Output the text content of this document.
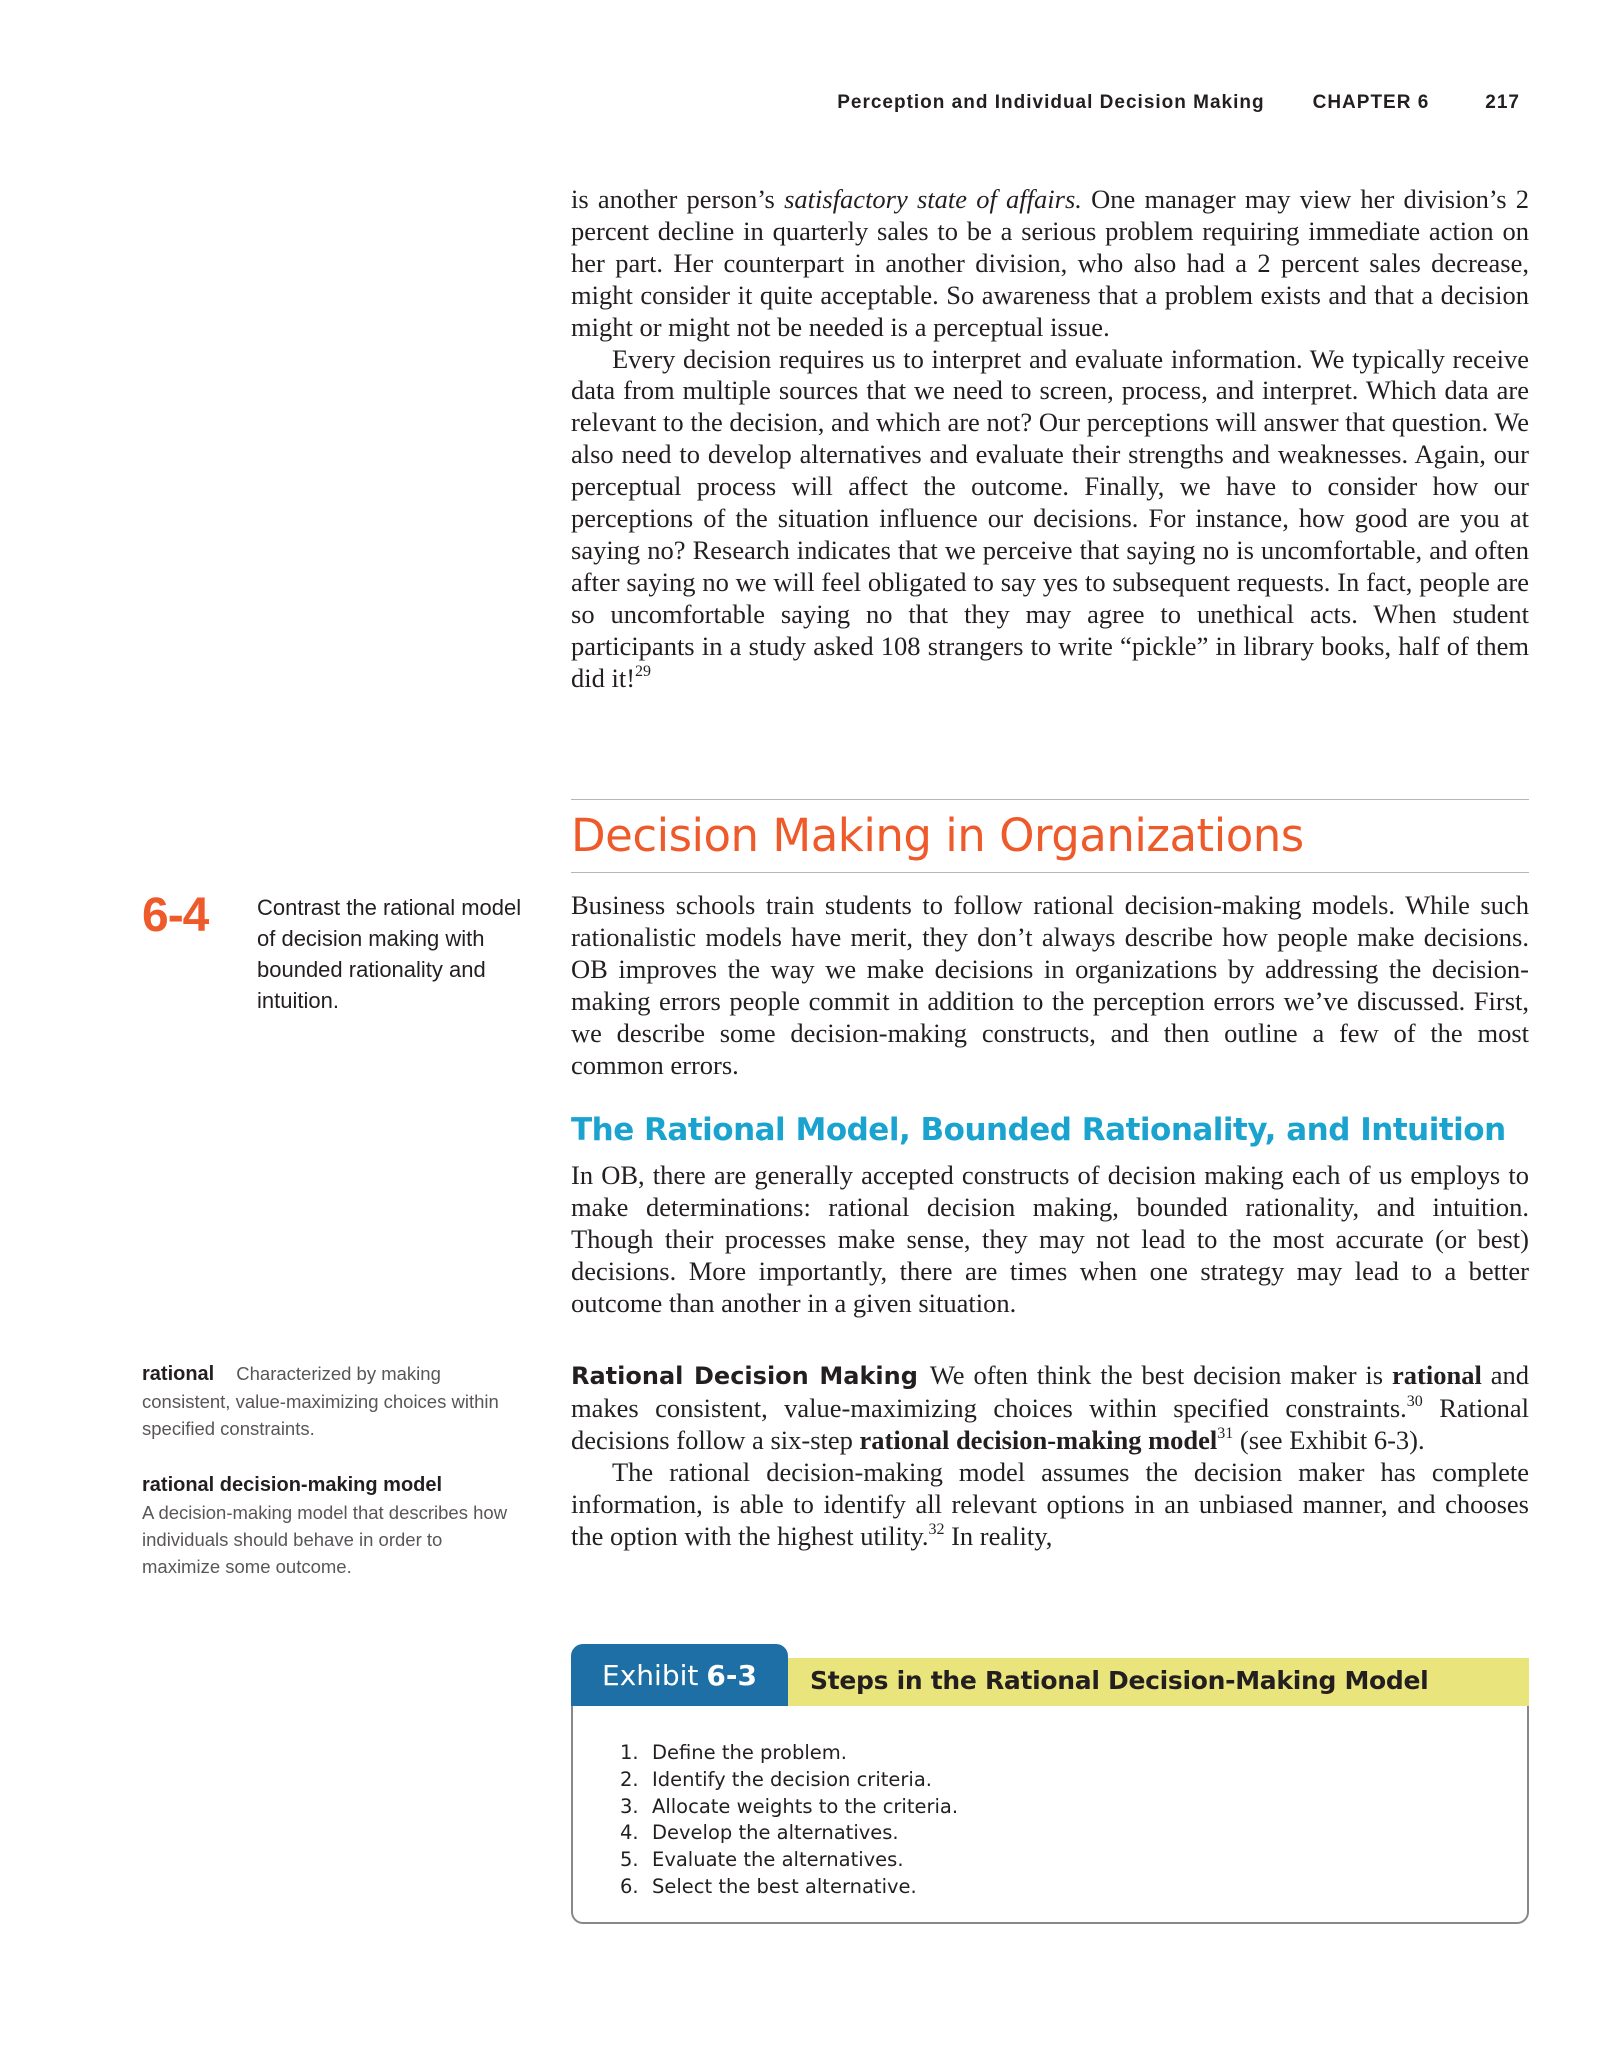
Perception and Individual Decision Making	CHAPTER 6	217

is another person’s satisfactory state of affairs. One manager may view her division’s 2 percent decline in quarterly sales to be a serious problem requiring immediate action on her part. Her counterpart in another division, who also had a 2 percent sales decrease, might consider it quite acceptable. So awareness that a problem exists and that a decision might or might not be needed is a perceptual issue.

Every decision requires us to interpret and evaluate information. We typically receive data from multiple sources that we need to screen, process, and interpret. Which data are relevant to the decision, and which are not? Our perceptions will answer that question. We also need to develop alternatives and evaluate their strengths and weaknesses. Again, our perceptual process will affect the outcome. Finally, we have to consider how our perceptions of the situation influence our decisions. For instance, how good are you at saying no? Research indicates that we perceive that saying no is uncomfortable, and often after saying no we will feel obligated to say yes to subsequent requests. In fact, people are so uncomfortable saying no that they may agree to unethical acts. When student participants in a study asked 108 strangers to write “pickle” in library books, half of them did it!$^{29}$

Decision Making in Organizations
6-4 Contrast the rational model of decision making with bounded rationality and intuition.

Business schools train students to follow rational decision-making models. While such rationalistic models have merit, they don’t always describe how people make decisions. OB improves the way we make decisions in organizations by addressing the decision-making errors people commit in addition to the perception errors we’ve discussed. First, we describe some decision-making constructs, and then outline a few of the most common errors.

The Rational Model, Bounded Rationality, and Intuition

In OB, there are generally accepted constructs of decision making each of us employs to make determinations: rational decision making, bounded rationality, and intuition. Though their processes make sense, they may not lead to the most accurate (or best) decisions. More importantly, there are times when one strategy may lead to a better outcome than another in a given situation.

Rational Decision Making We often think the best decision maker is rational and makes consistent, value-maximizing choices within specified constraints.$^{30}$ Rational decisions follow a six-step rational decision-making model$^{31}$ (see Exhibit 6-3).

The rational decision-making model assumes the decision maker has complete information, is able to identify all relevant options in an unbiased manner, and chooses the option with the highest utility.$^{32}$ In reality,

rational Characterized by making consistent, value-maximizing choices within specified constraints.

rational decision-making model
A decision-making model that describes how individuals should behave in order to maximize some outcome.

Exhibit 6-3 Steps in the Rational Decision-Making Model
1. Define the problem.
2. Identify the decision criteria.
3. Allocate weights to the criteria.
4. Develop the alternatives.
5. Evaluate the alternatives.
6. Select the best alternative.
